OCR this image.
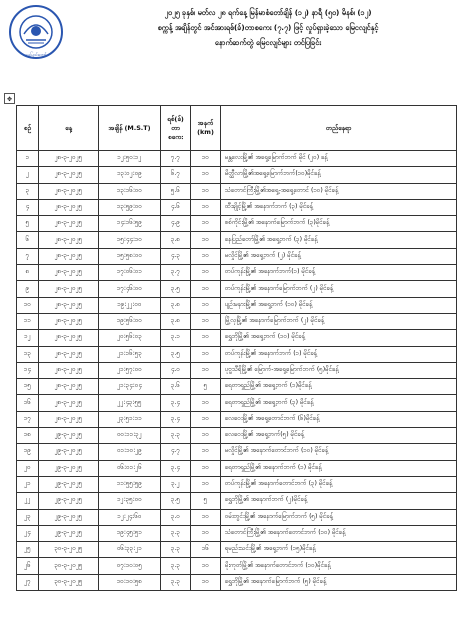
နေပြည်တော်
၂၀၂၅ ခုနှစ်၊ မတ်လ ၂၈ ရက်နေ့ မြန်မာစံတော်ချိန် (၁၂) နာရီ (၅၀) မိနစ်၊ (၁၂)
စက္ကန့် အချိန်တွင် အင်အားရစ်(ခ်)တာစကေး (၇.၇) ဖြင့် လှုပ်ရှားခဲ့သော မြေငလျင်နှင့်
နောက်ဆက်တွဲ မြေငလျင်များ တင်ပြခြင်း
✥
စဉ်	နေ့	အချိန် (M.S.T)	ရစ်(ခ်) တာ စကေး	အနက် (km)	တည်နေရာ
၁	၂၈-၃-၂၀၂၅	၁၂:၅၀:၁၂	၇.၇	၁၀	မန္တလေးမြို့၏ အရှေ့မြောက်ဘက် မိုင် (၂၀) ခန့်
၂	၂၈-၃-၂၀၂၅	၁၃:၀၂:၀၉	၆.၇	၁၀	မိတ္ထီလာမြို့၏အရှေ့မြောက်ဘက်(၁၀)မိုင်ခန့်
၃	၂၈-၃-၂၀၂၅	၁၃:၁၆:၀၀	၅.၆	၁၀	သံတောင်ကြီးမြို့၏အရှေ့-အရှေ့တောင် (၁၀) မိုင်ခန့်
၄	၂၈-၃-၂၀၂၅	၁၃:၅၉:၀၀	၄.၆	၁၀	ထီးချိုင့်မြို့၏ အနောက်ဘက် (၃) မိုင်ခန့်
၅	၂၈-၃-၂၀၂၅	၁၄:၁၆:၅၉	၄.၉	၁၀	စစ်ကိုင်းမြို့၏ အနောက်မြောက်ဘက် (၃)မိုင်ခန့်
၆	၂၈-၃-၂၀၂၅	၁၅:၄၄:၁၀	၃.၈	၁၀	နေပြည်တော်မြို့၏ အရှေ့ဘက် (၃) မိုင်ခန့်
၇	၂၈-၃-၂၀၂၅	၁၅:၅၈:၀၀	၄.၃	၁၀	မလှိုင်မြို့၏ အရှေ့ဘက် (၂) မိုင်ခန့်
၈	၂၈-၃-၂၀၂၅	၁၇:၀၆:၀၁	၃.၇	၁၀	တပ်ကုန်းမြို့၏ အနောက်ဘက်(၁) မိုင်ခန့်
၉	၂၈-၃-၂၀၂၅	၁၇:၄၆:၀၀	၃.၅	၁၀	တပ်ကုန်းမြို့၏ အနောက်မြောက်ဘက် (၂) မိုင်ခန့်
၁၀	၂၈-၃-၂၀၂၅	၁၉:၂၂:၀၀	၃.၈	၁၀	ပျဉ်းမနားမြို့၏ အရှေ့ဘက် (၁၀) မိုင်ခန့်
၁၁	၂၈-၃-၂၀၂၅	၁၉:၅၆:၀၀	၃.၈	၁၀	မြို့လှမြို့၏ အနောက်မြောက်ဘက် (၂) မိုင်ခန့်
၁၂	၂၈-၃-၂၀၂၅	၂၀:၅၆:၀၃	၃.၁	၁၀	ရွှေဘိုမြို့၏ အရှေ့ဘက် (၁၀) မိုင်ခန့်
၁၃	၂၈-၃-၂၀၂၅	၂၁:၁၆:၅၃	၃.၅	၁၀	တပ်ကုန်းမြို့၏ အနောက်ဘက် (၁) မိုင်ခန့်
၁၄	၂၈-၃-၂၀၂၅	၂၁:၅၇:၀၀	၄.၀	၁၀	ပုဗ္ဗသီရိမြို့၏ မြောက်-အရှေ့မြောက်ဘက် (၅)မိုင်ခန့်
၁၅	၂၈-၃-၂၀၂၅	၂၁:၃၄:၀၄	၃.၆	၅	ရေတာရှည်မြို့၏ အရှေ့ဘက် (၁)မိုင်ခန့်
၁၆	၂၈-၃-၂၀၂၅	၂၂:၄၃:၅၅	၃.၄	၁၀	ရေတာရှည်မြို့၏ အရှေ့ဘက် (၃) မိုင်ခန့်
၁၇	၂၈-၃-၂၀၂၅	၂၃:၅၁:၁၁	၃.၄	၁၀	လေဝေးမြို့၏ အရှေ့တောင်ဘက် (၆)မိုင်ခန့်
၁၈	၂၉-၃-၂၀၂၅	၀၀:၁၁:၃၂	၃.၃	၁၀	လေဝေးမြို့၏ အရှေ့ဘက်(၅) မိုင်ခန့်
၁၉	၂၉-၃-၂၀၂၅	၀၁:၁၀:၂၉	၄.၇	၁၀	မလှိုင်မြို့၏ အနောက်တောင်ဘက် (၁၀) မိုင်ခန့်
၂၀	၂၉-၃-၂၀၂၅	၀၆:၀၁:၂၆	၃.၄	၁၀	ရေတာရှည်မြို့၏ အနောက်ဘက် (၁) မိုင်ခန့်
၂၁	၂၉-၃-၂၀၂၅	၁၁:၅၅:၅၉	၃.၂	၁၀	တပ်ကုန်းမြို့၏ အနောက်တောင်ဘက် (၃) မိုင်ခန့်
၂၂	၂၉-၃-၂၀၂၅	၁၂:၃၅:၀၀	၃.၅	၅	ရွှေဘိုမြို့၏ အနောက်ဘက် (၂)မိုင်ခန့်
၂၃	၂၉-၃-၂၀၂၅	၁၂:၂၄:၆၀	၃.၀	၁၀	ဝမ်းတွင်းမြို့၏ အနောက်မြောက်ဘက် (၅) မိုင်ခန့်
၂၄	၂၉-၃-၂၀၂၅	၁၉:၄၅:၅၁	၃.၃	၁၀	သံတောင်ကြီးမြို့၏ အနောက်တောင်ဘက် (၁၀) မိုင်ခန့်
၂၅	၃၀-၃-၂၀၂၅	၀၆:၃၃:၂၁	၃.၃	၁၆	ရမည်းသင်းမြို့၏ အရှေ့ဘက် (၁၅)မိုင်ခန့်
၂၆	၃၀-၃-၂၀၂၅	၀၇:၁၀:၀၅	၃.၃	၁၀	မိုးကုတ်မြို့၏ အနောက်တောင်ဘက် (၁၀)မိုင်ခန့်
၂၇	၃၀-၃-၂၀၂၅	၁၀:၁၀:၅၈	၃.၃	၁၀	ရွှေဘိုမြို့၏ အနောက်မြောက်ဘက် (၅) မိုင်ခန့်
